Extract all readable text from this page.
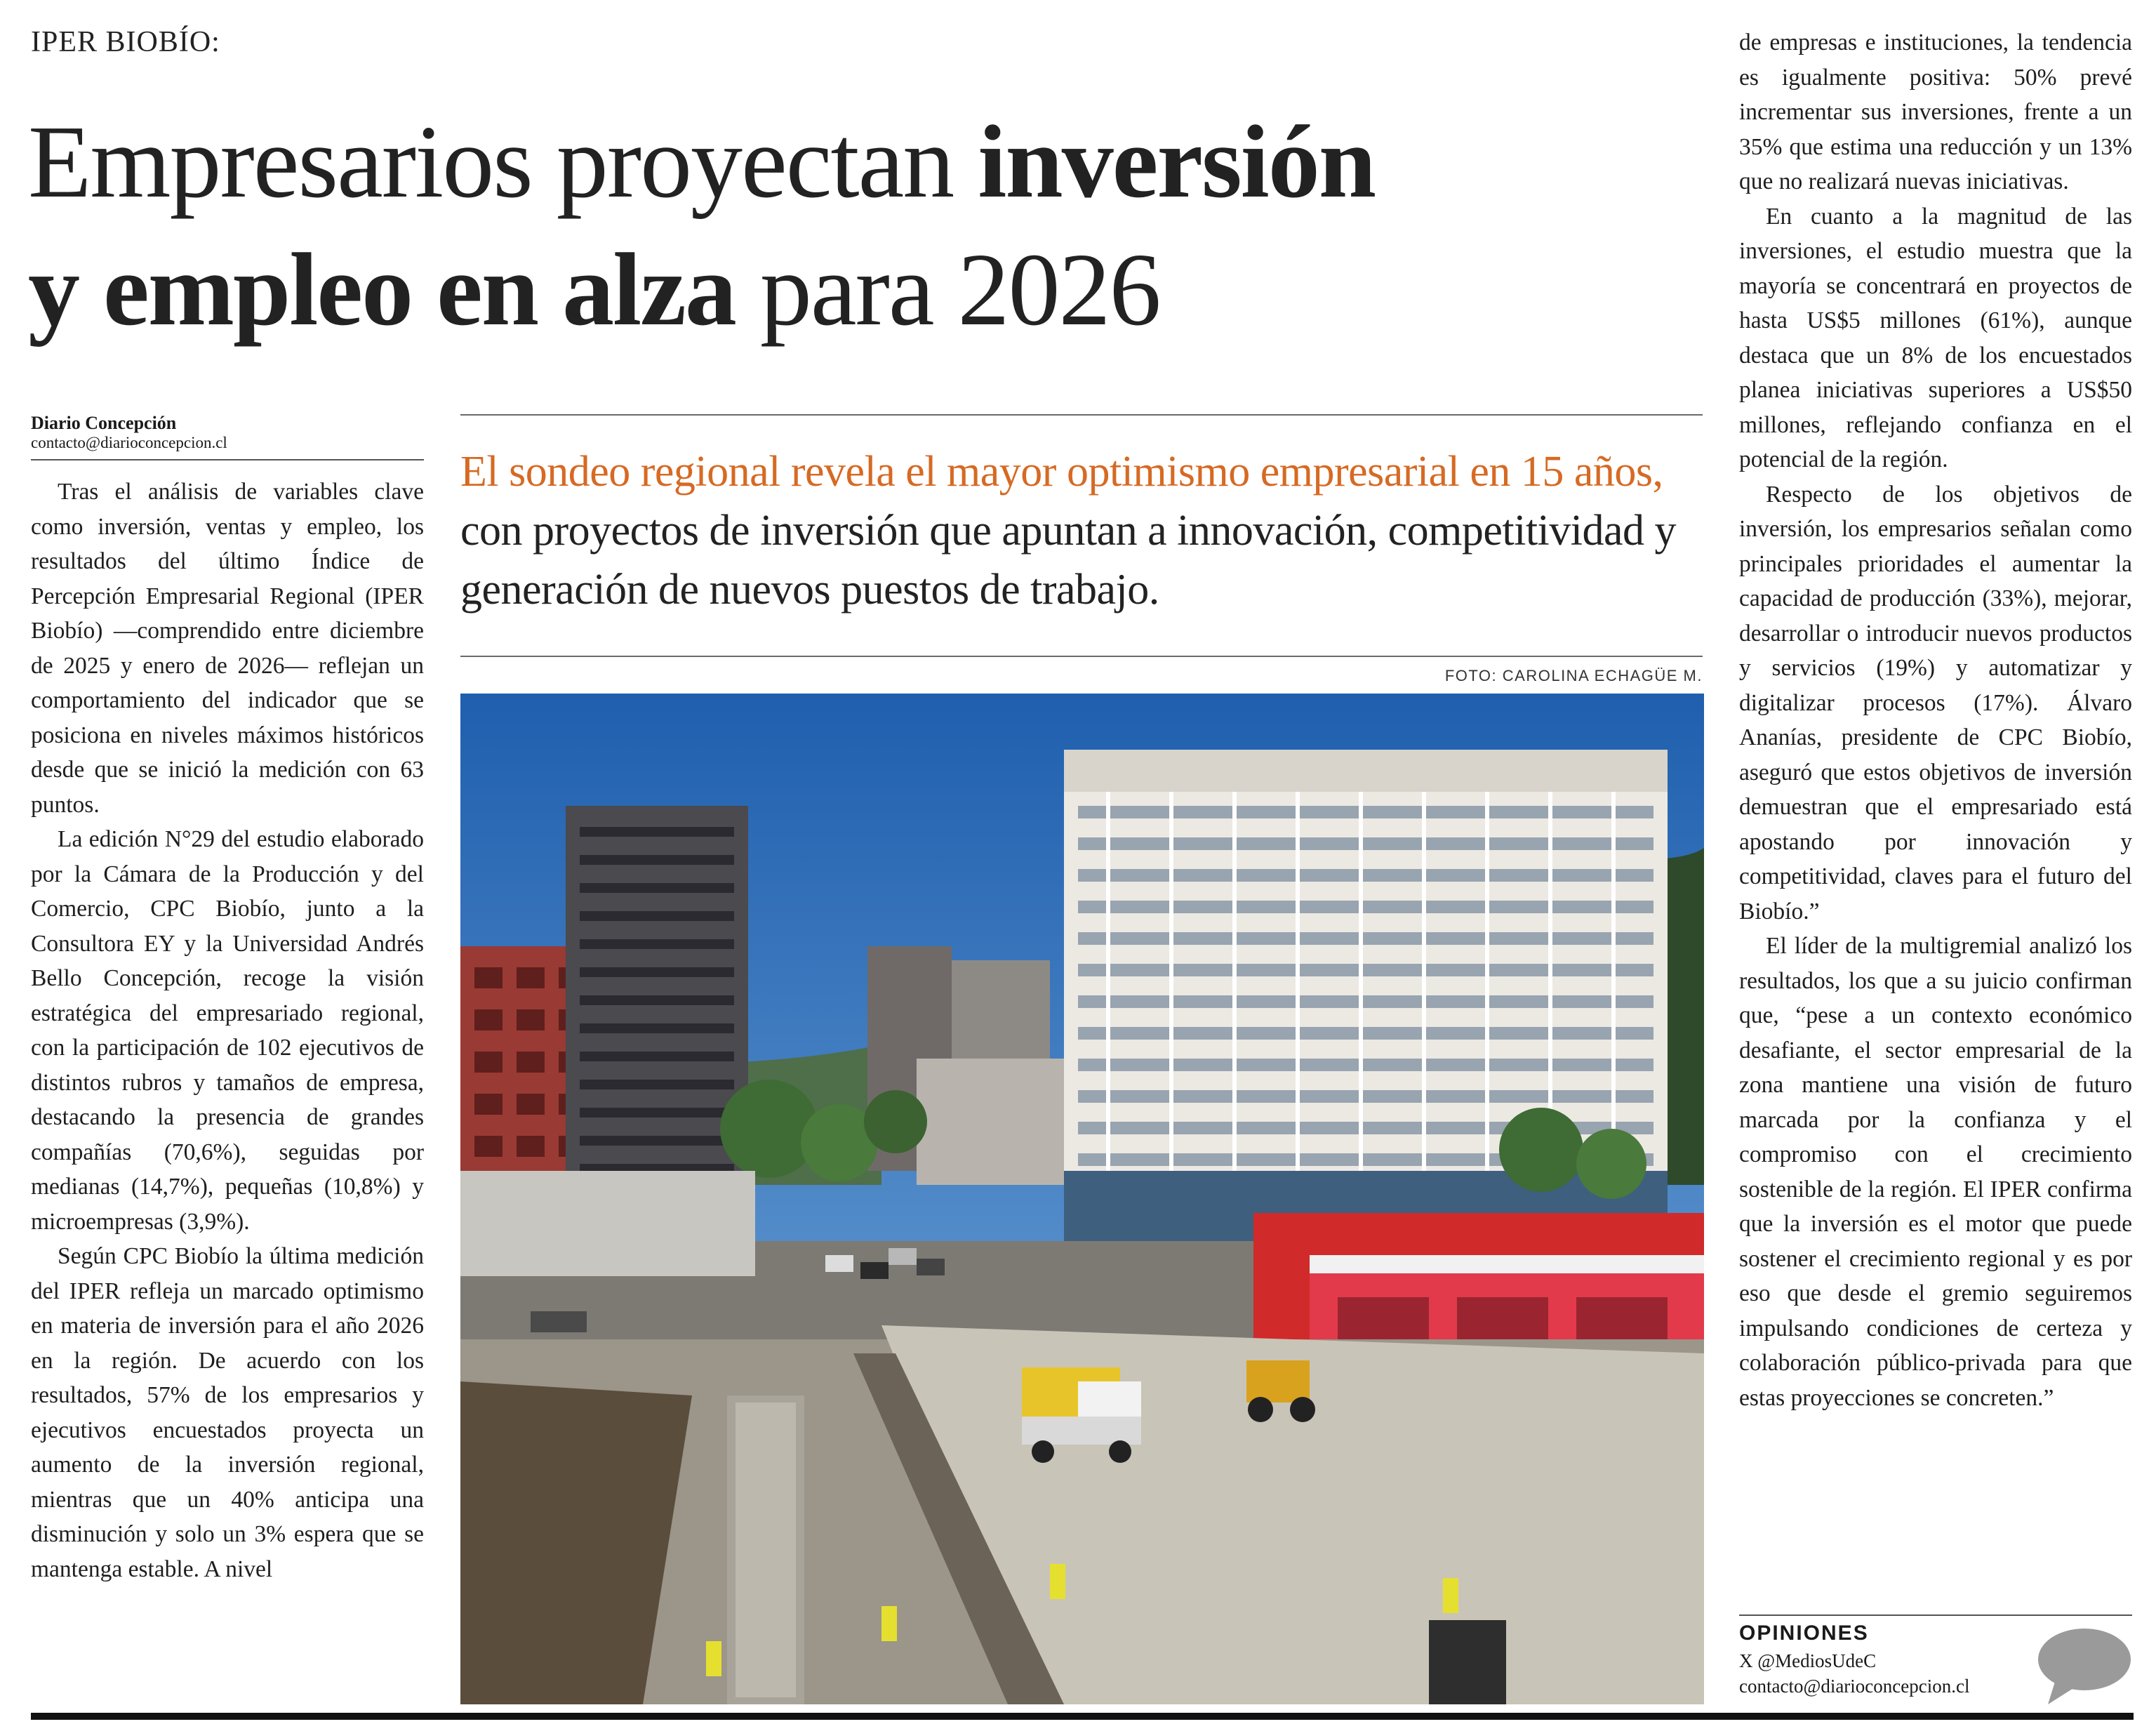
IPER BIOBÍO:
Empresarios proyectan inversión
y empleo en alza para 2026
Diario Concepción
contacto@diarioconcepcion.cl

Tras el análisis de variables clave como inversión, ventas y empleo, los resultados del último Índice de Percepción Empresarial Regional (IPER Biobío) —comprendido entre diciembre de 2025 y enero de 2026— reflejan un comportamiento del indicador que se posiciona en niveles máximos históricos desde que se inició la medición con 63 puntos.

La edición N°29 del estudio elaborado por la Cámara de la Producción y del Comercio, CPC Biobío, junto a la Consultora EY y la Universidad Andrés Bello Concepción, recoge la visión estratégica del empresariado regional, con la participación de 102 ejecutivos de distintos rubros y tamaños de empresa, destacando la presencia de grandes compañías (70,6%), seguidas por medianas (14,7%), pequeñas (10,8%) y microempresas (3,9%).

Según CPC Biobío la última medición del IPER refleja un marcado optimismo en materia de inversión para el año 2026 en la región. De acuerdo con los resultados, 57% de los empresarios y ejecutivos encuestados proyecta un aumento de la inversión regional, mientras que un 40% anticipa una disminución y solo un 3% espera que se mantenga estable. A nivel

El sondeo regional revela el mayor optimismo empresarial en 15 años, con proyectos de inversión que apuntan a innovación, competitividad y generación de nuevos puestos de trabajo.
FOTO: CAROLINA ECHAGÜE M.

de empresas e instituciones, la tendencia es igualmente positiva: 50% prevé incrementar sus inversiones, frente a un 35% que estima una reducción y un 13% que no realizará nuevas iniciativas.

En cuanto a la magnitud de las inversiones, el estudio muestra que la mayoría se concentrará en proyectos de hasta US$5 millones (61%), aunque destaca que un 8% de los encuestados planea iniciativas superiores a US$50 millones, reflejando confianza en el potencial de la región.

Respecto de los objetivos de inversión, los empresarios señalan como principales prioridades el aumentar la capacidad de producción (33%), mejorar, desarrollar o introducir nuevos productos y servicios (19%) y automatizar y digitalizar procesos (17%). Álvaro Ananías, presidente de CPC Biobío, aseguró que estos objetivos de inversión demuestran que el empresariado está apostando por innovación y competitividad, claves para el futuro del Biobío.”

El líder de la multigremial analizó los resultados, los que a su juicio confirman que, “pese a un contexto económico desafiante, el sector empresarial de la zona mantiene una visión de futuro marcada por la confianza y el compromiso con el crecimiento sostenible de la región. El IPER confirma que la inversión es el motor que puede sostener el crecimiento regional y es por eso que desde el gremio seguiremos impulsando condiciones de certeza y colaboración público-privada para que estas proyecciones se concreten.”

OPINIONES
X @MediosUdeC
contacto@diarioconcepcion.cl
